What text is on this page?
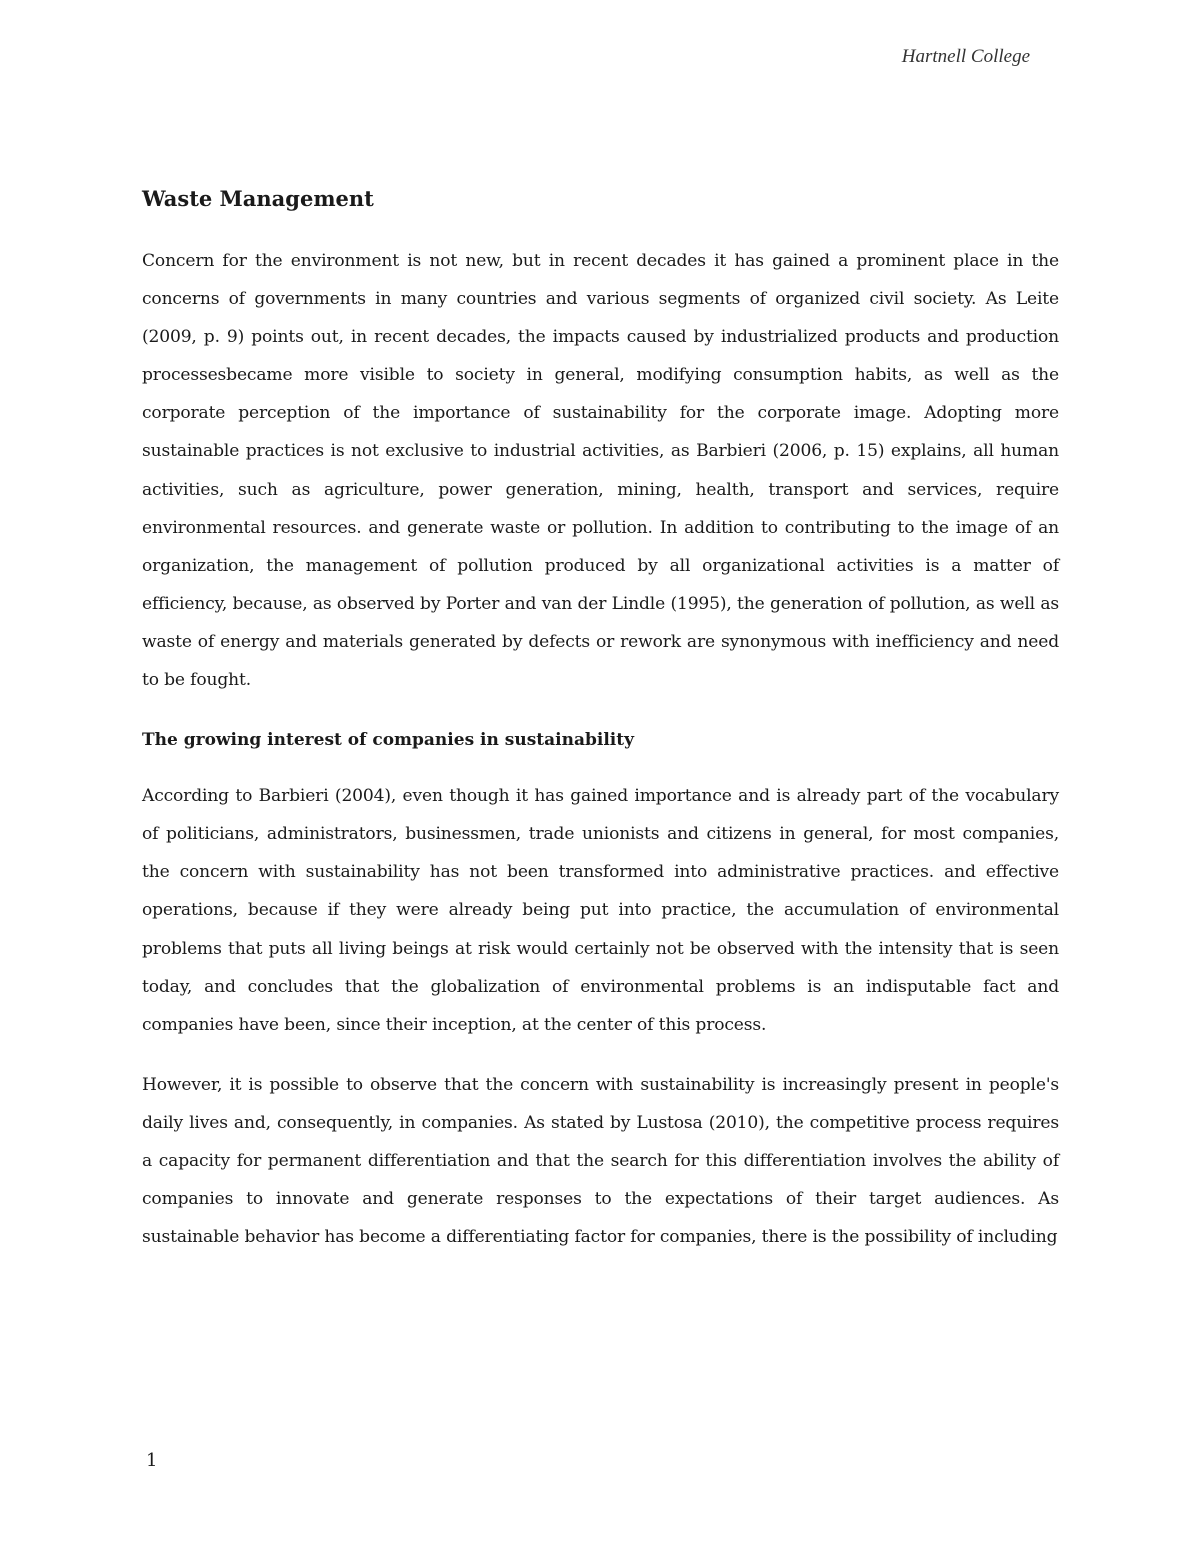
Hartnell College
Waste Management

Concern for the environment is not new, but in recent decades it has gained a prominent place in the concerns of governments in many countries and various segments of organized civil society. As Leite (2009, p. 9) points out, in recent decades, the impacts caused by industrialized products and production processesbecame more visible to society in general, modifying consumption habits, as well as the corporate perception of the importance of sustainability for the corporate image. Adopting more sustainable practices is not exclusive to industrial activities, as Barbieri (2006, p. 15) explains, all human activities, such as agriculture, power generation, mining, health, transport and services, require environmental resources. and generate waste or pollution. In addition to contributing to the image of an organization, the management of pollution produced by all organizational activities is a matter of efficiency, because, as observed by Porter and van der Lindle (1995), the generation of pollution, as well as waste of energy and materials generated by defects or rework are synonymous with inefficiency and need to be fought.

The growing interest of companies in sustainability

According to Barbieri (2004), even though it has gained importance and is already part of the vocabulary of politicians, administrators, businessmen, trade unionists and citizens in general, for most companies, the concern with sustainability has not been transformed into administrative practices. and effective operations, because if they were already being put into practice, the accumulation of environmental problems that puts all living beings at risk would certainly not be observed with the intensity that is seen today, and concludes that the globalization of environmental problems is an indisputable fact and companies have been, since their inception, at the center of this process.

However, it is possible to observe that the concern with sustainability is increasingly present in people's daily lives and, consequently, in companies. As stated by Lustosa (2010), the competitive process requires a capacity for permanent differentiation and that the search for this differentiation involves the ability of companies to innovate and generate responses to the expectations of their target audiences. As sustainable behavior has become a differentiating factor for companies, there is the possibility of including

1
